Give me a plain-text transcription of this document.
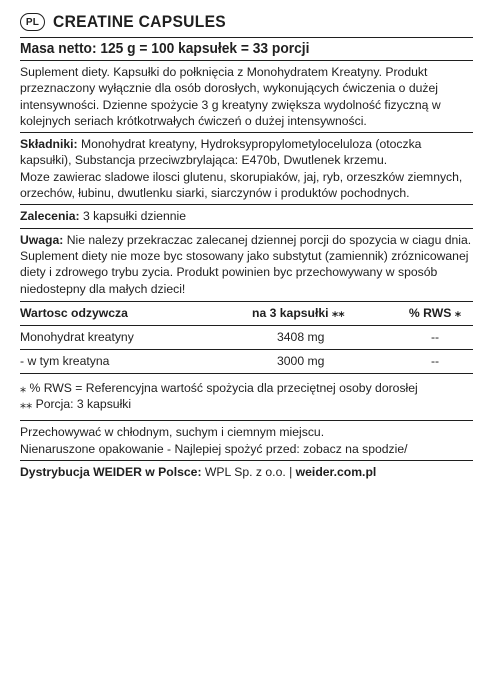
PL CREATINE CAPSULES
Masa netto: 125 g = 100 kapsułek = 33 porcji

Suplement diety. Kapsułki do połknięcia z Monohydratem Kreatyny. Produkt przeznaczony wyłącznie dla osób dorosłych, wykonujących ćwiczenia o dużej intensywności. Dzienne spożycie 3 g kreatyny zwiększa wydolność fizyczną w kolejnych seriach krótkotrwałych ćwiczeń o dużej intensywności.

Składniki: Monohydrat kreatyny, Hydroksypropylometyloceluloza (otoczka kapsułki), Substancja przeciwzbrylająca: E470b, Dwutlenek krzemu.

Moze zawierac sladowe ilosci glutenu, skorupiaków, jaj, ryb, orzeszków ziemnych, orzechów, łubinu, dwutlenku siarki, siarczynów i produktów pochodnych.

Zalecenia: 3 kapsułki dziennie

Uwaga: Nie nalezy przekraczac zalecanej dziennej porcji do spozycia w ciagu dnia. Suplement diety nie moze byc stosowany jako substytut (zamiennik) zróznicowanej diety i zdrowego trybu zycia. Produkt powinien byc przechowywany w sposób niedostepny dla małych dzieci!

Wartosc odzywcza	na 3 kapsułki ⁎⁎	% RWS ⁎
Monohydrat kreatyny	3408 mg	--
- w tym kreatyna	3000 mg	--

⁎ % RWS = Referencyjna wartość spożycia dla przeciętnej osoby dorosłej

⁎⁎ Porcja: 3 kapsułki

Przechowywać w chłodnym, suchym i ciemnym miejscu.

Nienaruszone opakowanie - Najlepiej spożyć przed: zobacz na spodzie/

Dystrybucja WEIDER w Polsce: WPL Sp. z o.o. | weider.com.pl
